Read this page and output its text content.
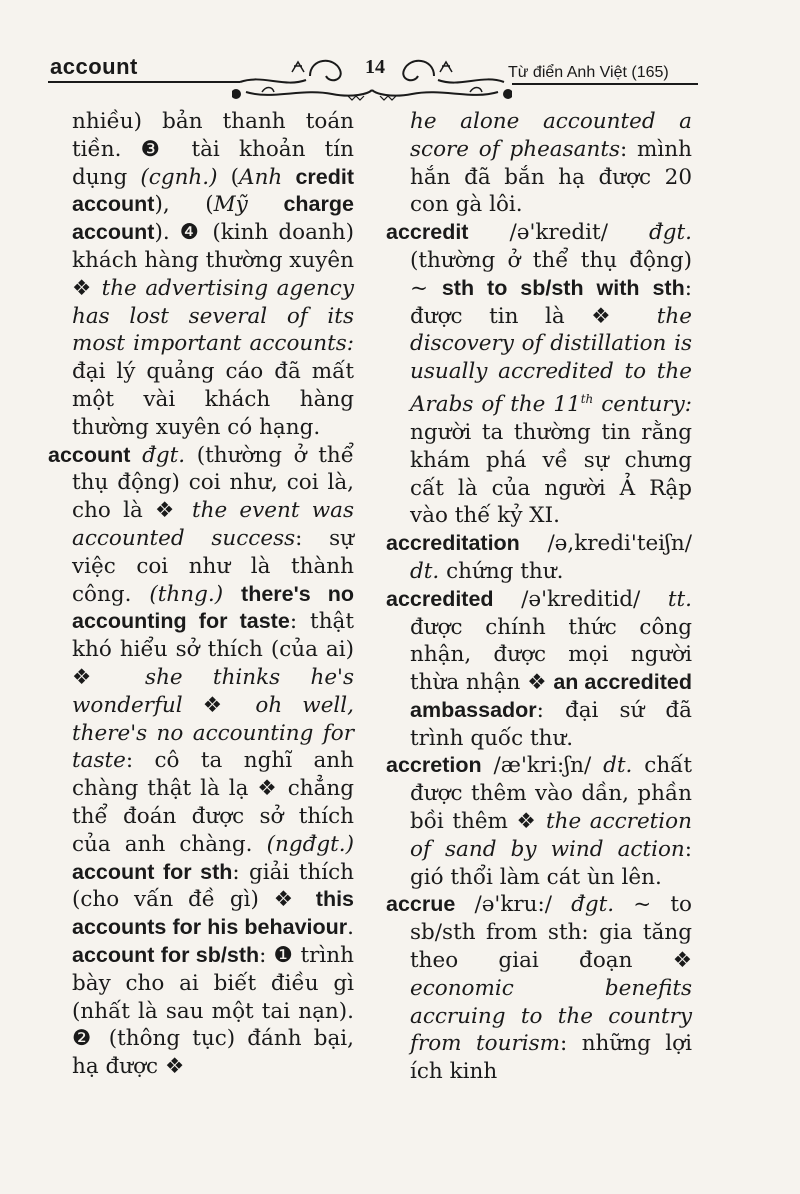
account	14	Từ điển Anh Việt (165)
nhiều) bản thanh toán tiền. ❸ tài khoản tín dụng (cgnh.) (Anh credit account), (Mỹ charge account). ❹ (kinh doanh) khách hàng thường xuyên ❖ the advertising agency has lost several of its most important accounts: đại lý quảng cáo đã mất một vài khách hàng thường xuyên có hạng.
account đgt. (thường ở thể thụ động) coi như, coi là, cho là ❖ the event was accounted success: sự việc coi như là thành công. (thng.) there's no accounting for taste: thật khó hiểu sở thích (của ai) ❖ she thinks he's wonderful ❖ oh well, there's no accounting for taste: cô ta nghĩ anh chàng thật là lạ ❖ chẳng thể đoán được sở thích của anh chàng. (ngđgt.) account for sth: giải thích (cho vấn đề gì) ❖ this accounts for his behaviour. account for sb/sth: ❶ trình bày cho ai biết điều gì (nhất là sau một tai nạn). ❷ (thông tục) đánh bại, hạ được ❖
he alone accounted a score of pheasants: mình hắn đã bắn hạ được 20 con gà lôi.
accredit /ə'kredit/ đgt. (thường ở thể thụ động) ~ sth to sb/sth with sth: được tin là ❖ the discovery of distillation is usually accredited to the Arabs of the 11th century: người ta thường tin rằng khám phá về sự chưng cất là của người Ả Rập vào thế kỷ XI.
accreditation /ə,kredi'teiʃn/ dt. chứng thư.
accredited /ə'kreditid/ tt. được chính thức công nhận, được mọi người thừa nhận ❖ an accredited ambassador: đại sứ đã trình quốc thư.
accretion /æ'kri:ʃn/ dt. chất được thêm vào dần, phần bồi thêm ❖ the accretion of sand by wind action: gió thổi làm cát ùn lên.
accrue /ə'kru:/ đgt. ~ to sb/sth from sth: gia tăng theo giai đoạn ❖ economic benefits accruing to the country from tourism: những lợi ích kinh
